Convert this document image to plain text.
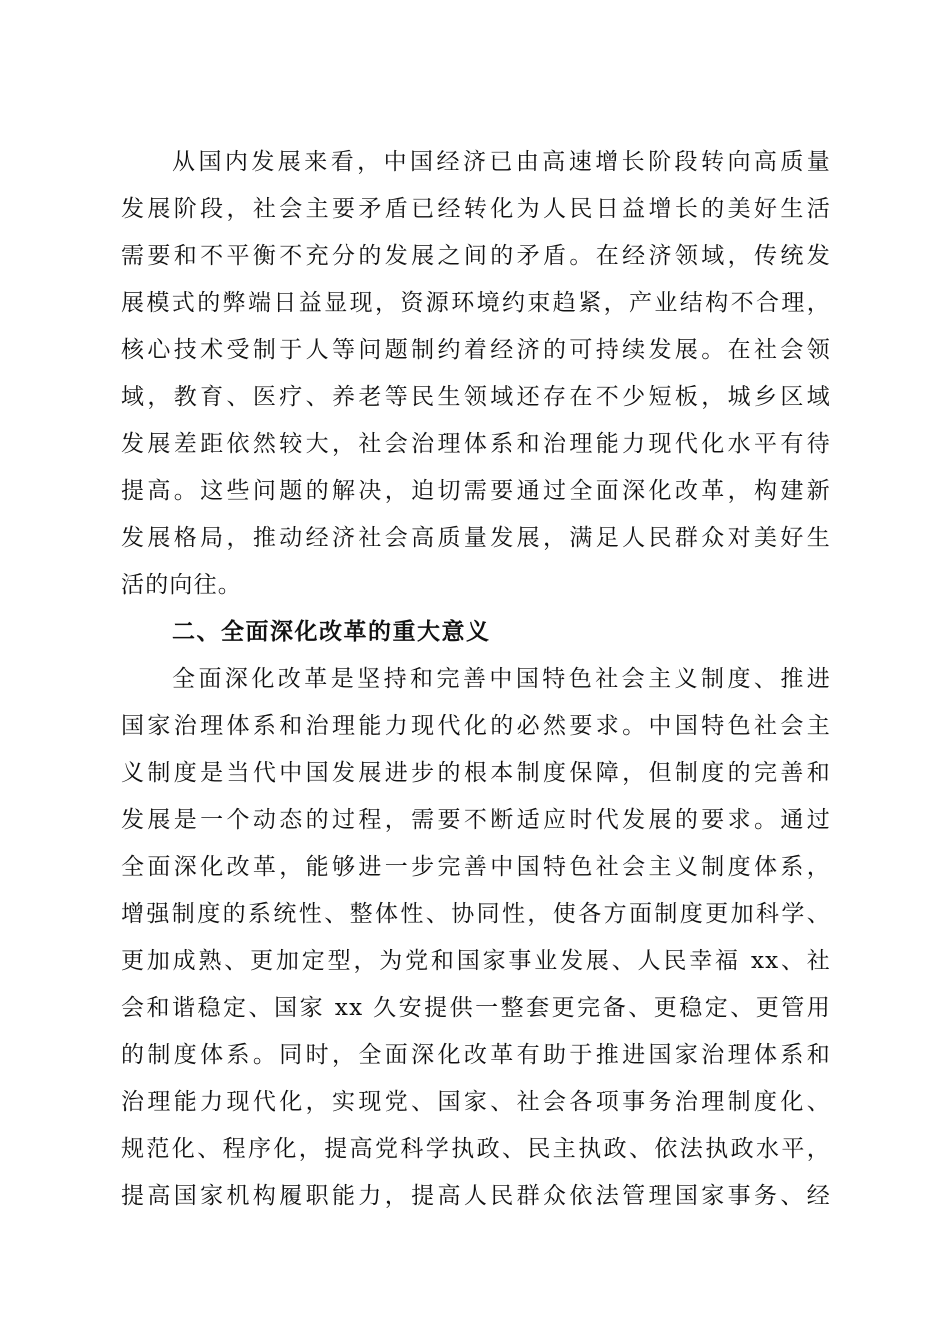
从国内发展来看，中国经济已由高速增长阶段转向高质量
发展阶段，社会主要矛盾已经转化为人民日益增长的美好生活
需要和不平衡不充分的发展之间的矛盾。在经济领域，传统发
展模式的弊端日益显现，资源环境约束趋紧，产业结构不合理，
核心技术受制于人等问题制约着经济的可持续发展。在社会领
域，教育、医疗、养老等民生领域还存在不少短板，城乡区域
发展差距依然较大，社会治理体系和治理能力现代化水平有待
提高。这些问题的解决，迫切需要通过全面深化改革，构建新
发展格局，推动经济社会高质量发展，满足人民群众对美好生
活的向往。
二、全面深化改革的重大意义
全面深化改革是坚持和完善中国特色社会主义制度、推进
国家治理体系和治理能力现代化的必然要求。中国特色社会主
义制度是当代中国发展进步的根本制度保障，但制度的完善和
发展是一个动态的过程，需要不断适应时代发展的要求。通过
全面深化改革，能够进一步完善中国特色社会主义制度体系，
增强制度的系统性、整体性、协同性，使各方面制度更加科学、
更加成熟、更加定型，为党和国家事业发展、人民幸福 xx、社
会和谐稳定、国家 xx 久安提供一整套更完备、更稳定、更管用
的制度体系。同时，全面深化改革有助于推进国家治理体系和
治理能力现代化，实现党、国家、社会各项事务治理制度化、
规范化、程序化，提高党科学执政、民主执政、依法执政水平，
提高国家机构履职能力，提高人民群众依法管理国家事务、经
